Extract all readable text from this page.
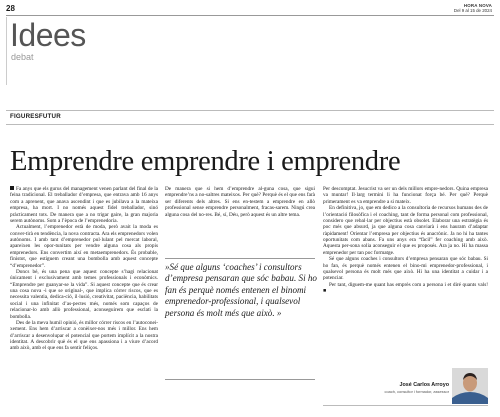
28	HORA NOVA
Del 9 al 15 de 2024
Idees
debat
FIGURESFUTUR
Emprendre emprendre i emprendre

Fa anys que els gurus del management venen parlant del final de la feina tradicional. El treballador d’empresa, que entrava amb 16 anys com a aprenent, que anava ascendint i que es jubilava a la mateixa empresa, ha mort. I no només aquest fidel treballador, sinó pràcticament tots. De manera que a no trigar gaire, la gran majoria serem autònoms. Som a l’època de l’emprenedoria.

Actualment, l’emprenedor està de moda, però avait la moda es conver-tirà en tendència, la nova contracta. Ara els emprenedors volen autònoms. I amb tant d’emprenedor pul·lulant pel mercat laboral, apareixen les opor-tunitats per vendre alguna cosa als propis emprenedors. Ens convertim així en metaemprenedors. És probable, finistot, que estiguem creant una bombolla amb aquest concepte “d’emprenedor”.

Doncs bé, és una pena que aquest concepte s’hagi relacionat únicament i exclusivament amb temes professionals i econòmics. “Emprendre per guanyar-se la vida”. Si aquest concepte que és crear una cosa nova -i que se original-, que implica córrer riscos, que es necessita valentia, dedica-ció, il·lusió, creativitat, paciència, habilitats social i una infinitat d’as-pectes més, només som capaços de relacionar-lo amb allò professional, aconseguirem que esclati la bombolla.

Des de la meva humil opinió, és millor córrer riscos en l’autoconei-xement. Ens hem d’arriscar a conèixer-nos més i millor. Ens hem d’arriscar a desenvolupar el potencial que portem implícit a la nostra identitat. A descobrir què és el que ens apassiona i a viure d’acord amb això, amb el que ens fa sentir feliços.

De manera que si hem d’emprendre al-guna cosa, que sigui emprendre’ns a no-saltres mateixos. Per què? Perquè és el que ens farà ser diferents dels altres. Si ens en-testem a emprendre en allò professional sense emprendre personalment, fracas-sarem. Ningú crea alguna cosa del no-res. Bé, sí, Déu, però aquest és un altre tema.

»Sé que alguns ‘coaches’ i consultors d’empresa pensaran que sóc babau. Si ho fan és perquè només entenen el binomi emprenedor-professional, i qualsevol persona és molt més que això. »

Per descomptat. Jesucrist va ser un dels millors empre-nedors. Quina empresa va muntar! Il·larg termini li ha funcionat força bé. Per què? Perquè primerament es va emprendre a si mateix.

En definitiva, jo, que em dedico a la consultoria de recursos humans des de l’orientació filosòfica i el coaching, tant de forma personal com professional, considero que rebal·lar per objectius està obsolet. Elaborar una estratègia és poc més que absurd, ja que alguna cosa canviarà i ens hauram d’adaptar ràpidament! Orientar l’empresa per objectius és anacrònic. Ja no hi ha tantes oportunitats com abans. Fa uns anys era “fàcil” fer coaching amb això. Aquesta per-sona solia aconseguir el que es proposés. Ara ja no. Hi ha massa emprenedor per tan poc formatge.

Sé que alguns coaches i consultors d’empresa pensaran que sóc babau. Si ho fan, és perquè només entenen el bino-mi emprenedor-professional, i qualsevol persona és molt més que això. Hi ha una identitat a cuidar i a potenciar.

Per tant, diguem-me quant has emprès com a persona i et diré quants vals! ■

José Carlos Arroyo
coach, consultor i formador, assessor
